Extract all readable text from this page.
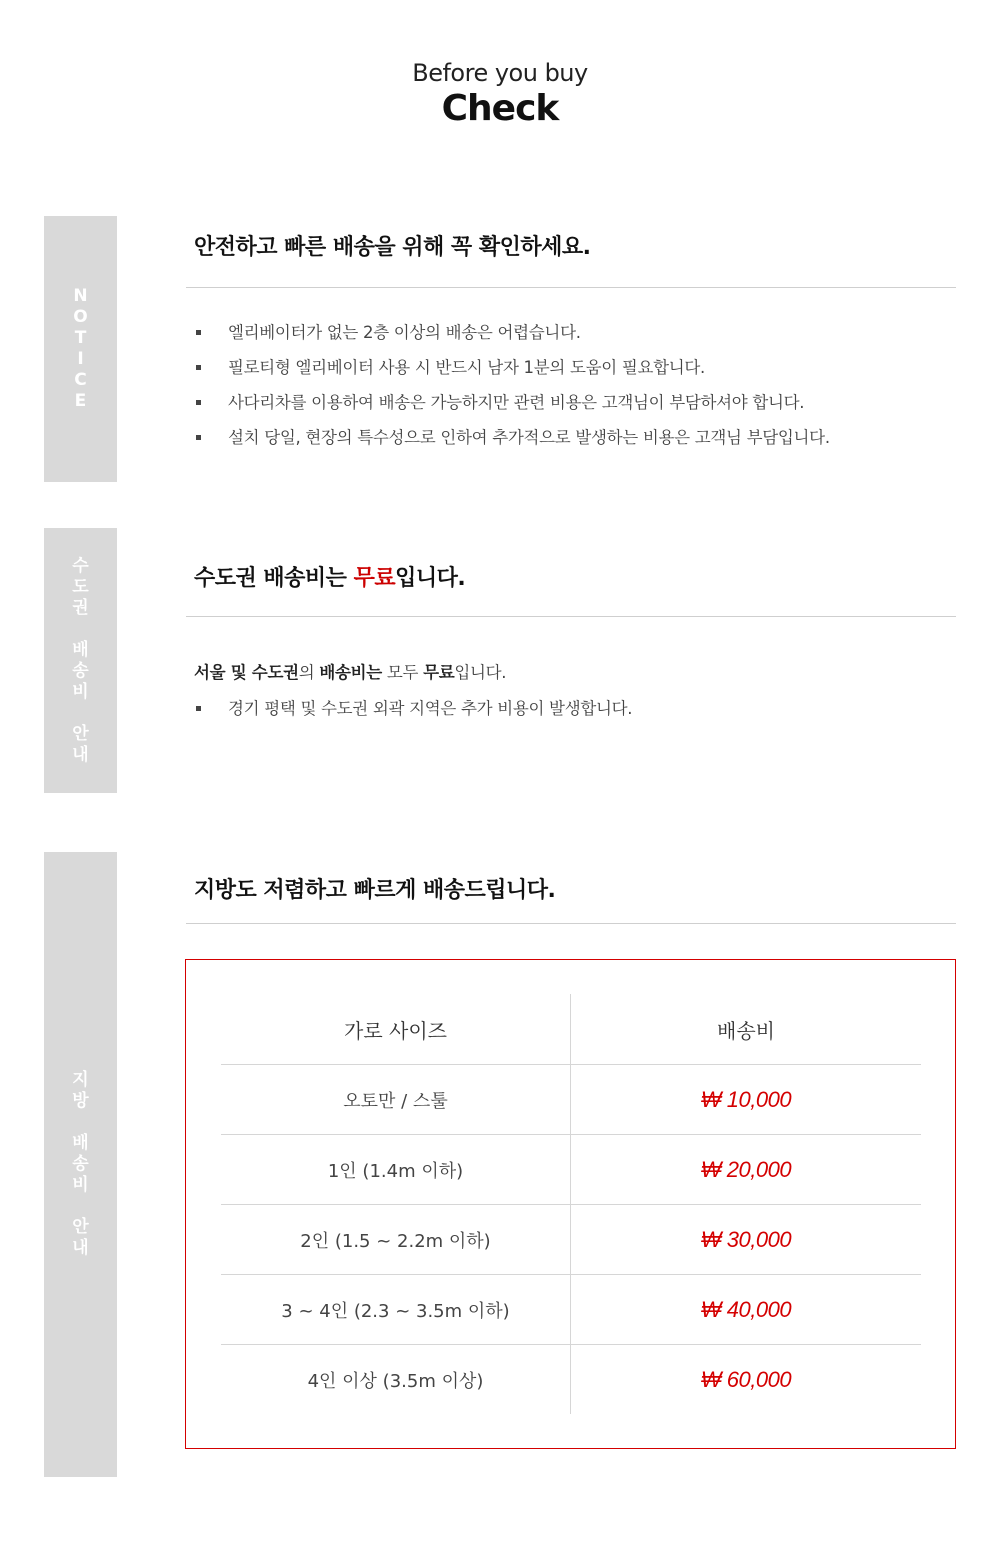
Before you buy
Check
N
O
T
I
C
E
안전하고 빠른 배송을 위해 꼭 확인하세요.
엘리베이터가 없는 2층 이상의 배송은 어렵습니다.
필로티형 엘리베이터 사용 시 반드시 남자 1분의 도움이 필요합니다.
사다리차를 이용하여 배송은 가능하지만 관련 비용은 고객님이 부담하셔야 합니다.
설치 당일, 현장의 특수성으로 인하여 추가적으로 발생하는 비용은 고객님 부담입니다.
수
도
권
배
송
비
안
내
수도권 배송비는 무료입니다.
서울 및 수도권의 배송비는 모두 무료입니다.
경기 평택 및 수도권 외곽 지역은 추가 비용이 발생합니다.
지
방
배
송
비
안
내
지방도 저렴하고 빠르게 배송드립니다.
가로 사이즈	배송비
오토만 / 스툴	₩ 10,000
1인 (1.4m 이하)	₩ 20,000
2인 (1.5 ~ 2.2m 이하)	₩ 30,000
3 ~ 4인 (2.3 ~ 3.5m 이하)	₩ 40,000
4인 이상 (3.5m 이상)	₩ 60,000
